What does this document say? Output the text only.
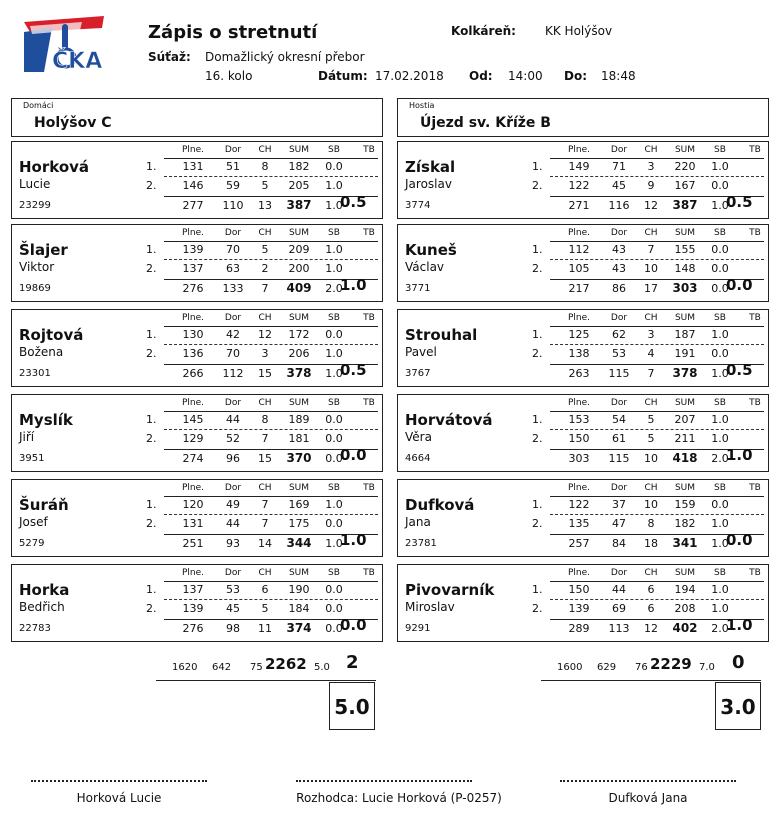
ČKA
Zápis o stretnutí	Kolkáreň: KK Holýšov
Súťaž: Domažlický okresní přebor
16. kolo	Dátum: 17.02.2018 Od: 14:00 Do: 18:48
Domáci
Holýšov C
Hostia
Újezd sv. Kříže B
Horková
Lucie
23299
Plne.	Dor	CH	SUM	SB	TB
1.	131	51	8	182	0.0
2.	146	59	5	205	1.0
277	110	13	387	1.0
0.5
Šlajer
Viktor
19869
Plne.	Dor	CH	SUM	SB	TB
1.	139	70	5	209	1.0
2.	137	63	2	200	1.0
276	133	7	409	2.0
1.0
Rojtová
Božena
23301
Plne.	Dor	CH	SUM	SB	TB
1.	130	42	12	172	0.0
2.	136	70	3	206	1.0
266	112	15	378	1.0
0.5
Myslík
Jiří
3951
Plne.	Dor	CH	SUM	SB	TB
1.	145	44	8	189	0.0
2.	129	52	7	181	0.0
274	96	15	370	0.0
0.0
Šuráň
Josef
5279
Plne.	Dor	CH	SUM	SB	TB
1.	120	49	7	169	1.0
2.	131	44	7	175	0.0
251	93	14	344	1.0
1.0
Horka
Bedřich
22783
Plne.	Dor	CH	SUM	SB	TB
1.	137	53	6	190	0.0
2.	139	45	5	184	0.0
276	98	11	374	0.0
0.0
Získal
Jaroslav
3774
Plne.	Dor	CH	SUM	SB	TB
1.	149	71	3	220	1.0
2.	122	45	9	167	0.0
271	116	12	387	1.0
0.5
Kuneš
Václav
3771
Plne.	Dor	CH	SUM	SB	TB
1.	112	43	7	155	0.0
2.	105	43	10	148	0.0
217	86	17	303	0.0
0.0
Strouhal
Pavel
3767
Plne.	Dor	CH	SUM	SB	TB
1.	125	62	3	187	1.0
2.	138	53	4	191	0.0
263	115	7	378	1.0
0.5
Horvátová
Věra
4664
Plne.	Dor	CH	SUM	SB	TB
1.	153	54	5	207	1.0
2.	150	61	5	211	1.0
303	115	10	418	2.0
1.0
Dufková
Jana
23781
Plne.	Dor	CH	SUM	SB	TB
1.	122	37	10	159	0.0
2.	135	47	8	182	1.0
257	84	18	341	1.0
0.0
Pivovarník
Miroslav
9291
Plne.	Dor	CH	SUM	SB	TB
1.	150	44	6	194	1.0
2.	139	69	6	208	1.0
289	113	12	402	2.0
1.0
1620 642 75 2262 5.0 2
5.0
1600 629 76 2229 7.0 0
3.0
Horková Lucie	Rozhodca: Lucie Horková (P-0257)	Dufková Jana
